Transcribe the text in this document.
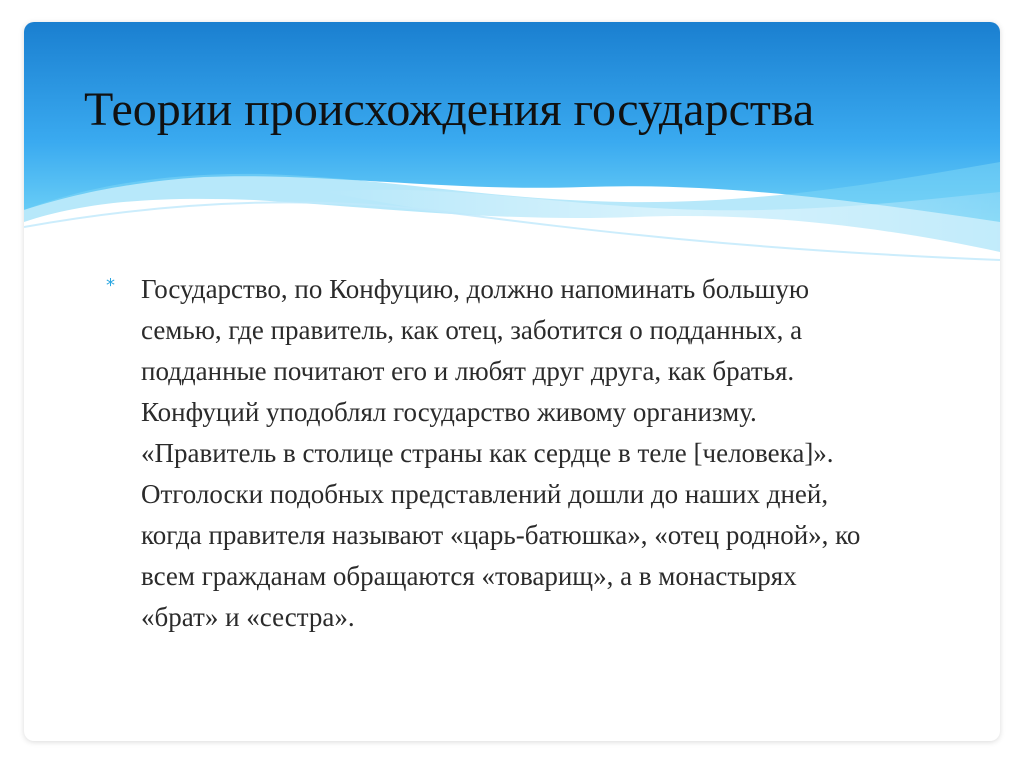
Теории происхождения государства
* Государство, по Конфуцию, должно напоминать большую семью, где правитель, как отец, заботится о подданных, а подданные почитают его и любят друг друга, как братья. Конфуций уподоблял государство живому организму. «Правитель в столице страны как сердце в теле [человека]». Отголоски подобных представлений дошли до наших дней, когда правителя называют «царь-батюшка», «отец родной», ко всем гражданам обращаются «товарищ», а в монастырях «брат» и «сестра».
